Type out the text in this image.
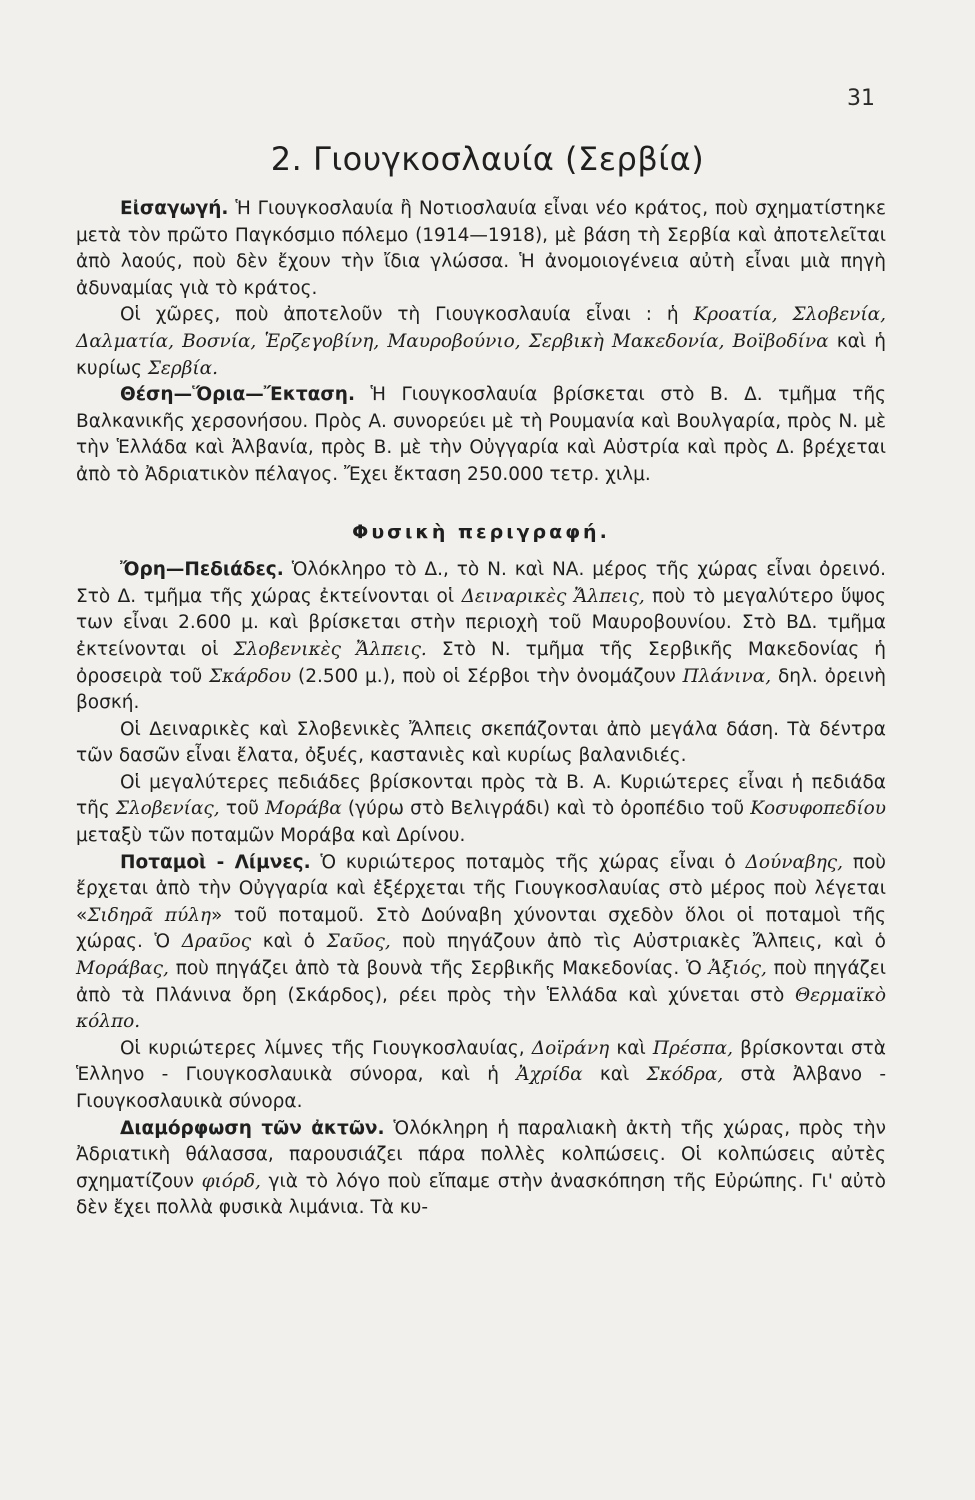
31
2. Γιουγκοσλαυία (Σερβία)

Εἰσαγωγή. Ἡ Γιουγκοσλαυία ἢ Νοτιοσλαυία εἶναι νέο κράτος, ποὺ σχηματίστηκε μετὰ τὸν πρῶτο Παγκόσμιο πόλεμο (1914—1918), μὲ βάση τὴ Σερβία καὶ ἀποτελεῖται ἀπὸ λαούς, ποὺ δὲν ἔχουν τὴν ἴδια γλώσσα. Ἡ ἀνομοιογένεια αὐτὴ εἶναι μιὰ πηγὴ ἀδυναμίας γιὰ τὸ κράτος.

Οἱ χῶρες, ποὺ ἀποτελοῦν τὴ Γιουγκοσλαυία εἶναι : ἡ Κροατία, Σλοβενία, Δαλματία, Βοσνία, Ἑρζεγοβίνη, Μαυροβούνιο, Σερβικὴ Μακεδονία, Βοϊβοδίνα καὶ ἡ κυρίως Σερβία.

Θέση—Ὅρια—Ἔκταση. Ἡ Γιουγκοσλαυία βρίσκεται στὸ Β. Δ. τμῆμα τῆς Βαλκανικῆς χερσονήσου. Πρὸς Α. συνορεύει μὲ τὴ Ρουμανία καὶ Βουλγαρία, πρὸς Ν. μὲ τὴν Ἑλλάδα καὶ Ἀλβανία, πρὸς Β. μὲ τὴν Οὐγγαρία καὶ Αὐστρία καὶ πρὸς Δ. βρέχεται ἀπὸ τὸ Ἀδριατικὸν πέλαγος. Ἔχει ἔκταση 250.000 τετρ. χιλμ.

Φυσικὴ περιγραφή.

Ὄρη—Πεδιάδες. Ὁλόκληρο τὸ Δ., τὸ Ν. καὶ ΝΑ. μέρος τῆς χώρας εἶναι ὀρεινό. Στὸ Δ. τμῆμα τῆς χώρας ἐκτείνονται οἱ Δειναρικὲς Ἄλπεις, ποὺ τὸ μεγαλύτερο ὕψος των εἶναι 2.600 μ. καὶ βρίσκεται στὴν περιοχὴ τοῦ Μαυροβουνίου. Στὸ ΒΔ. τμῆμα ἐκτείνονται οἱ Σλοβενικὲς Ἄλπεις. Στὸ Ν. τμῆμα τῆς Σερβικῆς Μακεδονίας ἡ ὀροσειρὰ τοῦ Σκάρδου (2.500 μ.), ποὺ οἱ Σέρβοι τὴν ὀνομάζουν Πλάνινα, δηλ. ὀρεινὴ βοσκή.

Οἱ Δειναρικὲς καὶ Σλοβενικὲς Ἄλπεις σκεπάζονται ἀπὸ μεγάλα δάση. Τὰ δέντρα τῶν δασῶν εἶναι ἔλατα, ὀξυές, καστανιὲς καὶ κυρίως βαλανιδιές.

Οἱ μεγαλύτερες πεδιάδες βρίσκονται πρὸς τὰ Β. Α. Κυριώτερες εἶναι ἡ πεδιάδα τῆς Σλοβενίας, τοῦ Μοράβα (γύρω στὸ Βελιγράδι) καὶ τὸ ὀροπέδιο τοῦ Κοσυφοπεδίου μεταξὺ τῶν ποταμῶν Μοράβα καὶ Δρίνου.

Ποταμοὶ - Λίμνες. Ὁ κυριώτερος ποταμὸς τῆς χώρας εἶναι ὁ Δούναβης, ποὺ ἔρχεται ἀπὸ τὴν Οὐγγαρία καὶ ἐξέρχεται τῆς Γιουγκοσλαυίας στὸ μέρος ποὺ λέγεται «Σιδηρᾶ πύλη» τοῦ ποταμοῦ. Στὸ Δούναβη χύνονται σχεδὸν ὅλοι οἱ ποταμοὶ τῆς χώρας. Ὁ Δραῦος καὶ ὁ Σαῦος, ποὺ πηγάζουν ἀπὸ τὶς Αὐστριακὲς Ἄλπεις, καὶ ὁ Μοράβας, ποὺ πηγάζει ἀπὸ τὰ βουνὰ τῆς Σερβικῆς Μακεδονίας. Ὁ Ἀξιός, ποὺ πηγάζει ἀπὸ τὰ Πλάνινα ὄρη (Σκάρδος), ρέει πρὸς τὴν Ἑλλάδα καὶ χύνεται στὸ Θερμαϊκὸ κόλπο.

Οἱ κυριώτερες λίμνες τῆς Γιουγκοσλαυίας, Δοϊράνη καὶ Πρέσπα, βρίσκονται στὰ Ἑλληνο - Γιουγκοσλαυικὰ σύνορα, καὶ ἡ Ἀχρίδα καὶ Σκόδρα, στὰ Ἀλβανο - Γιουγκοσλαυικὰ σύνορα.

Διαμόρφωση τῶν ἀκτῶν. Ὁλόκληρη ἡ παραλιακὴ ἀκτὴ τῆς χώρας, πρὸς τὴν Ἀδριατικὴ θάλασσα, παρουσιάζει πάρα πολλὲς κολπώσεις. Οἱ κολπώσεις αὐτὲς σχηματίζουν φιόρδ, γιὰ τὸ λόγο ποὺ εἴπαμε στὴν ἀνασκόπηση τῆς Εὐρώπης. Γι' αὐτὸ δὲν ἔχει πολλὰ φυσικὰ λιμάνια. Τὰ κυ-
